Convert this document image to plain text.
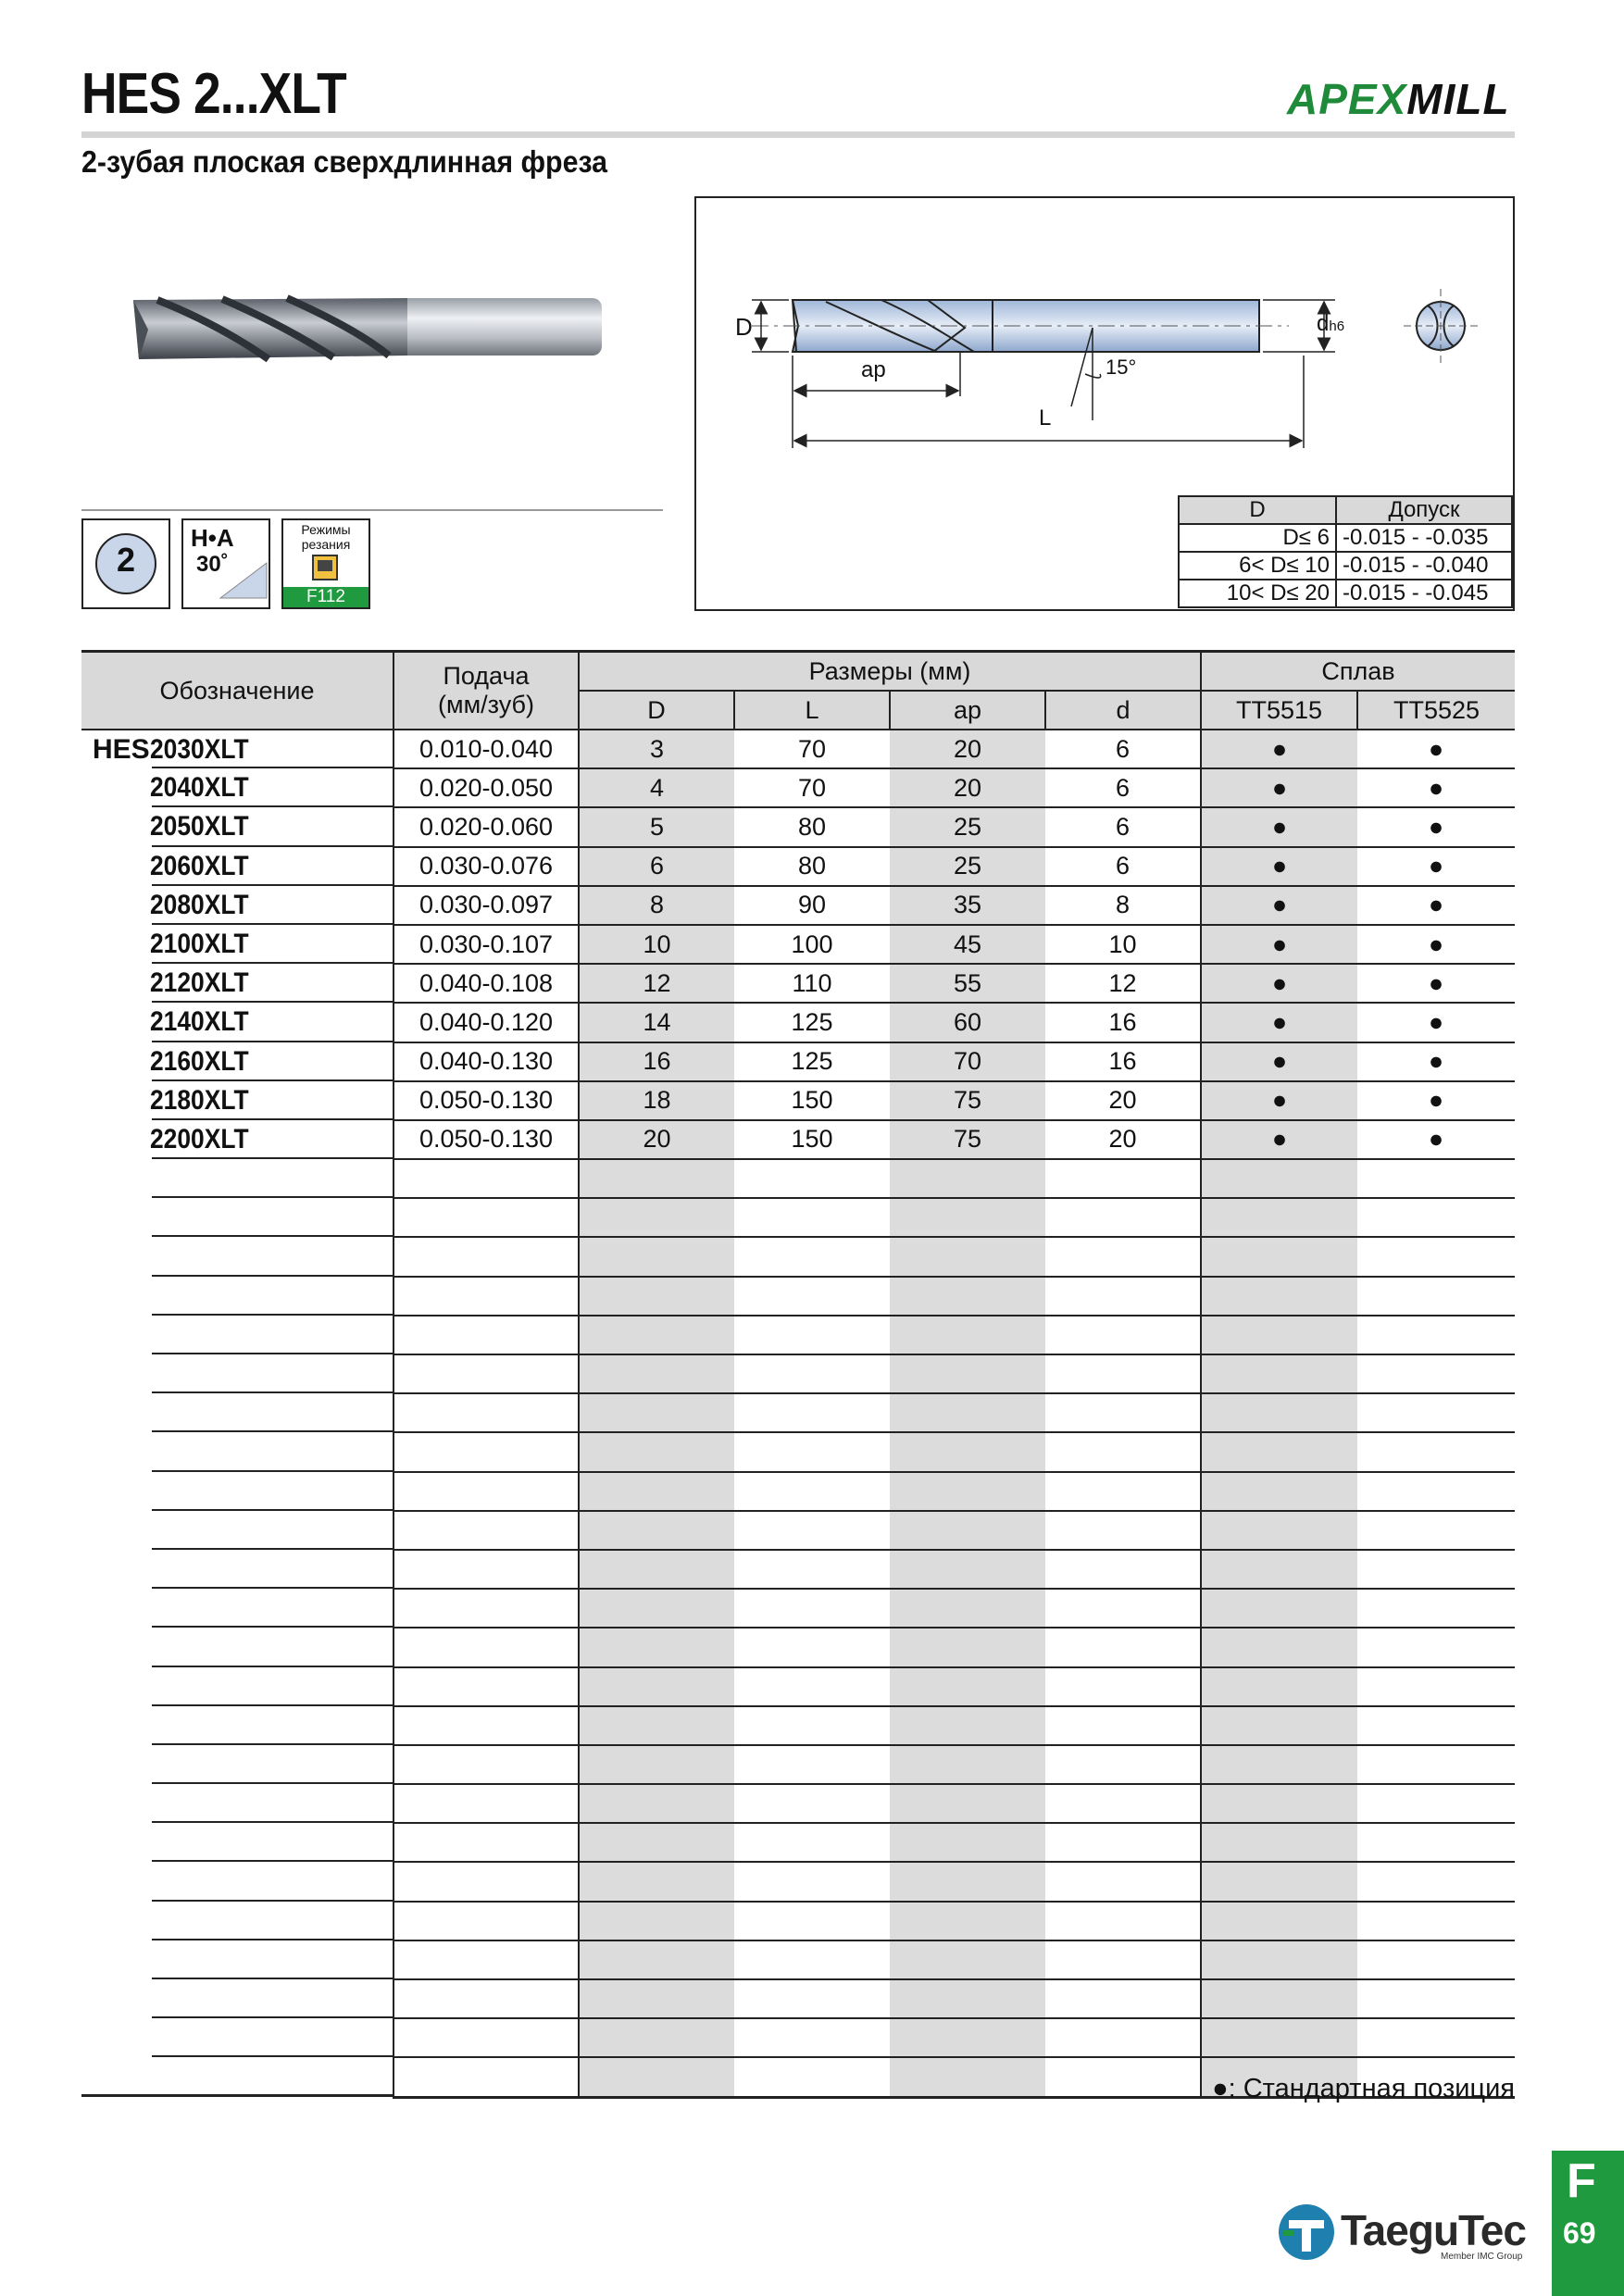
HES 2...XLT	APEXMILL
2-зубая плоская сверхдлинная фреза
2
H•A
30˚
Режимы
резания
F112
D
ap
L
15°
dh6
D	Допуск
D≤ 6	-0.015 - -0.035
6< D≤ 10	-0.015 - -0.040
10< D≤ 20	-0.015 - -0.045
Обозначение	Подача
(мм/зуб)	Размеры (мм)				Сплав	
		D	L	ap	d	TT5515	TT5525
HES2030XLT	0.010-0.040	3	70	20	6	●	●
2040XLT	0.020-0.050	4	70	20	6	●	●
2050XLT	0.020-0.060	5	80	25	6	●	●
2060XLT	0.030-0.076	6	80	25	6	●	●
2080XLT	0.030-0.097	8	90	35	8	●	●
2100XLT	0.030-0.107	10	100	45	10	●	●
2120XLT	0.040-0.108	12	110	55	12	●	●
2140XLT	0.040-0.120	14	125	60	16	●	●
2160XLT	0.040-0.130	16	125	70	16	●	●
2180XLT	0.050-0.130	18	150	75	20	●	●
2200XLT	0.050-0.130	20	150	75	20	●	●

●: Стандартная позиция
TaeguTec
Member IMC Group
F
69
